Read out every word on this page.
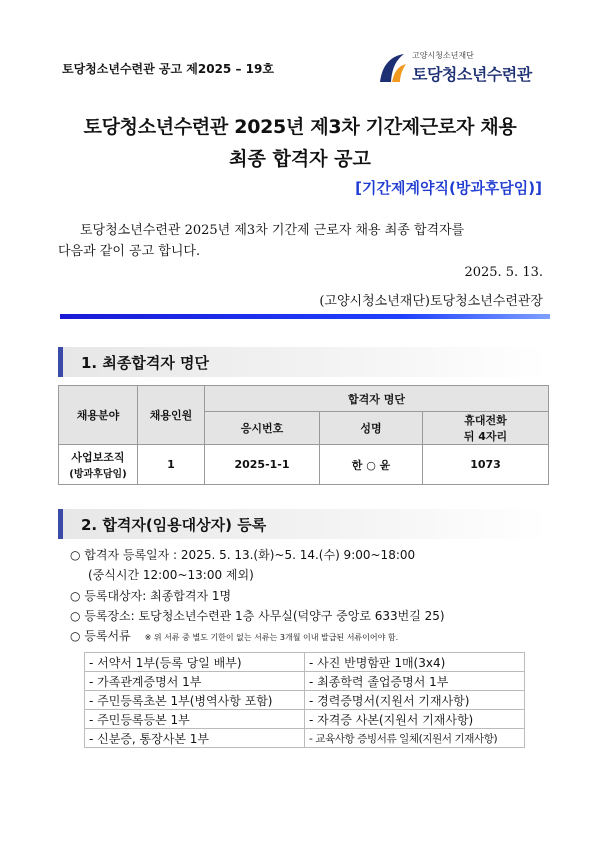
토당청소년수련관 공고 제2025 – 19호
고양시청소년재단
토당청소년수련관
토당청소년수련관 2025년 제3차 기간제근로자 채용
최종 합격자 공고
[기간제계약직(방과후담임)]

토당청소년수련관 2025년 제3차 기간제 근로자 채용 최종 합격자를

다음과 같이 공고 합니다.

2025. 5. 13.
(고양시청소년재단)토당청소년수련관장
1. 최종합격자 명단
채용분야	채용인원	합격자 명단		
		응시번호	성명	휴대전화
뒤 4자리

사업보조직
(방과후담임)	1	2025-1-1	한 ○ 윤	1073
2. 합격자(임용대상자) 등록
○ 합격자 등록일자 : 2025. 5. 13.(화)~5. 14.(수) 9:00~18:00
(중식시간 12:00~13:00 제외)
○ 등록대상자: 최종합격자 1명
○ 등록장소: 토당청소년수련관 1층 사무실(덕양구 중앙로 633번길 25)
○ 등록서류 ※ 위 서류 중 별도 기한이 없는 서류는 3개월 이내 발급된 서류이어야 함.
- 서약서 1부(등록 당일 배부)	- 사진 반명함판 1매(3x4)
- 가족관계증명서 1부	- 최종학력 졸업증명서 1부
- 주민등록초본 1부(병역사항 포함)	- 경력증명서(지원서 기재사항)
- 주민등록등본 1부	- 자격증 사본(지원서 기재사항)
- 신분증, 통장사본 1부	- 교육사항 증빙서류 일체(지원서 기재사항)
